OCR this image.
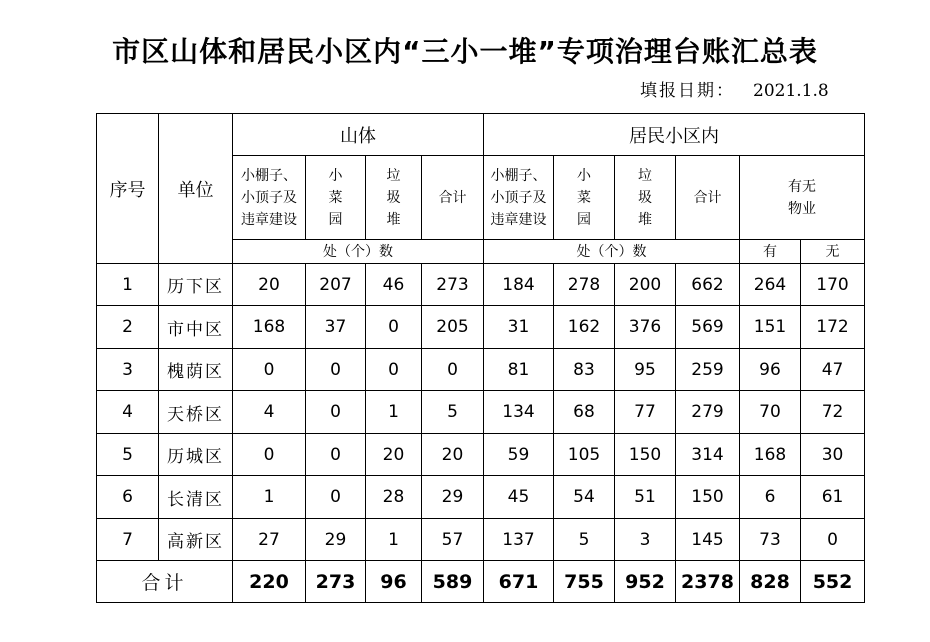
市区山体和居民小区内“三小一堆”专项治理台账汇总表
填报日期： 2021.1.8
序号	单位	山体				居民小区内					
		小棚子、小顶子及违章建设	小菜园	垃圾堆	合计	小棚子、小顶子及违章建设	小菜园	垃圾堆	合计	有无物业	
		处（个）数				处（个）数				有	无
1	历下区	20	207	46	273	184	278	200	662	264	170
2	市中区	168	37	0	205	31	162	376	569	151	172
3	槐荫区	0	0	0	0	81	83	95	259	96	47
4	天桥区	4	0	1	5	134	68	77	279	70	72
5	历城区	0	0	20	20	59	105	150	314	168	30
6	长清区	1	0	28	29	45	54	51	150	6	61
7	高新区	27	29	1	57	137	5	3	145	73	0
合计		220	273	96	589	671	755	952	2378	828	552
